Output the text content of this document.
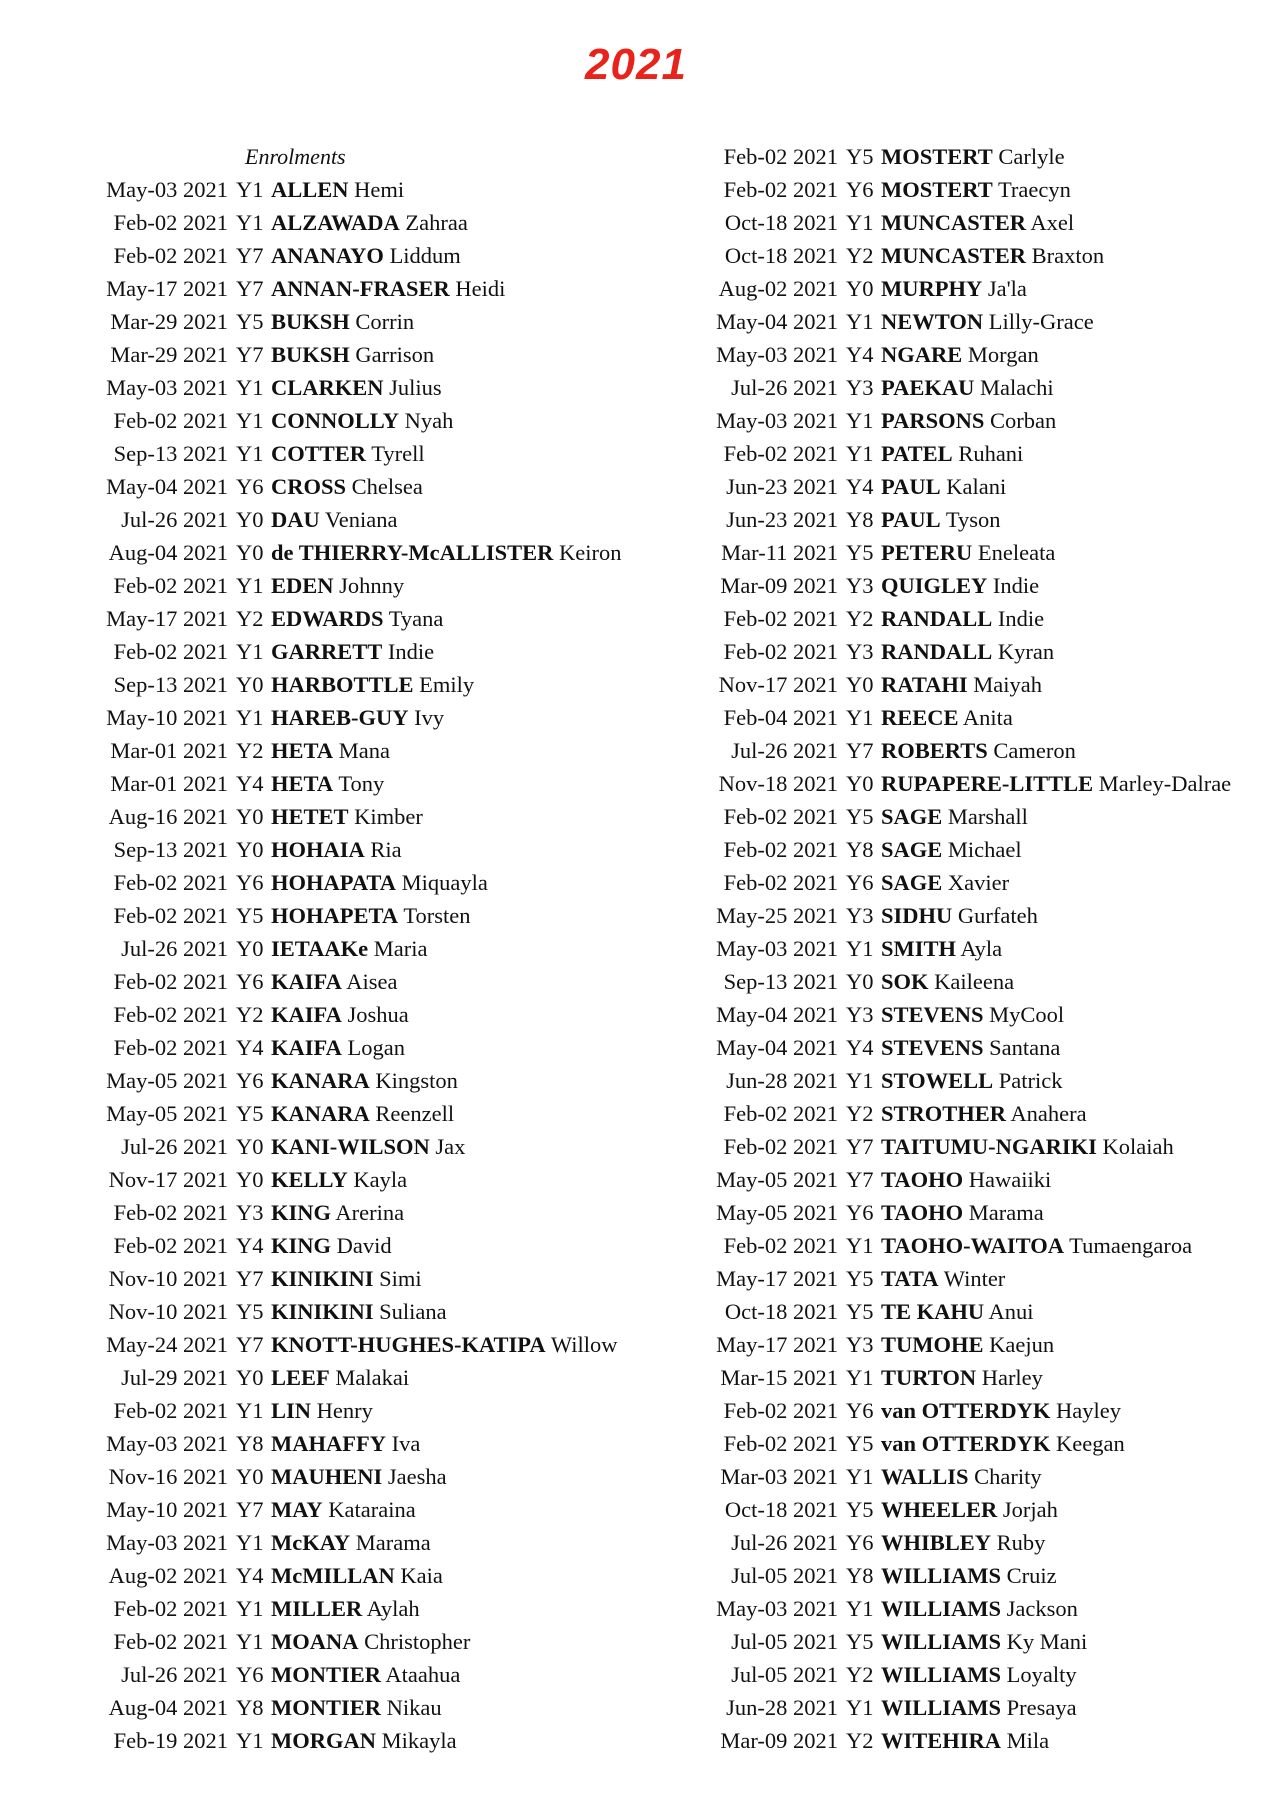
2021
Enrolments
May-03 2021 Y1 ALLEN Hemi
Feb-02 2021 Y1 ALZAWADA Zahraa
Feb-02 2021 Y7 ANANAYO Liddum
May-17 2021 Y7 ANNAN-FRASER Heidi
Mar-29 2021 Y5 BUKSH Corrin
Mar-29 2021 Y7 BUKSH Garrison
May-03 2021 Y1 CLARKEN Julius
Feb-02 2021 Y1 CONNOLLY Nyah
Sep-13 2021 Y1 COTTER Tyrell
May-04 2021 Y6 CROSS Chelsea
Jul-26 2021 Y0 DAU Veniana
Aug-04 2021 Y0 de THIERRY-McALLISTER Keiron
Feb-02 2021 Y1 EDEN Johnny
May-17 2021 Y2 EDWARDS Tyana
Feb-02 2021 Y1 GARRETT Indie
Sep-13 2021 Y0 HARBOTTLE Emily
May-10 2021 Y1 HAREB-GUY Ivy
Mar-01 2021 Y2 HETA Mana
Mar-01 2021 Y4 HETA Tony
Aug-16 2021 Y0 HETET Kimber
Sep-13 2021 Y0 HOHAIA Ria
Feb-02 2021 Y6 HOHAPATA Miquayla
Feb-02 2021 Y5 HOHAPETA Torsten
Jul-26 2021 Y0 IETAAKe Maria
Feb-02 2021 Y6 KAIFA Aisea
Feb-02 2021 Y2 KAIFA Joshua
Feb-02 2021 Y4 KAIFA Logan
May-05 2021 Y6 KANARA Kingston
May-05 2021 Y5 KANARA Reenzell
Jul-26 2021 Y0 KANI-WILSON Jax
Nov-17 2021 Y0 KELLY Kayla
Feb-02 2021 Y3 KING Arerina
Feb-02 2021 Y4 KING David
Nov-10 2021 Y7 KINIKINI Simi
Nov-10 2021 Y5 KINIKINI Suliana
May-24 2021 Y7 KNOTT-HUGHES-KATIPA Willow
Jul-29 2021 Y0 LEEF Malakai
Feb-02 2021 Y1 LIN Henry
May-03 2021 Y8 MAHAFFY Iva
Nov-16 2021 Y0 MAUHENI Jaesha
May-10 2021 Y7 MAY Kataraina
May-03 2021 Y1 McKAY Marama
Aug-02 2021 Y4 McMILLAN Kaia
Feb-02 2021 Y1 MILLER Aylah
Feb-02 2021 Y1 MOANA Christopher
Jul-26 2021 Y6 MONTIER Ataahua
Aug-04 2021 Y8 MONTIER Nikau
Feb-19 2021 Y1 MORGAN Mikayla
Feb-02 2021 Y5 MOSTERT Carlyle
Feb-02 2021 Y6 MOSTERT Traecyn
Oct-18 2021 Y1 MUNCASTER Axel
Oct-18 2021 Y2 MUNCASTER Braxton
Aug-02 2021 Y0 MURPHY Ja'la
May-04 2021 Y1 NEWTON Lilly-Grace
May-03 2021 Y4 NGARE Morgan
Jul-26 2021 Y3 PAEKAU Malachi
May-03 2021 Y1 PARSONS Corban
Feb-02 2021 Y1 PATEL Ruhani
Jun-23 2021 Y4 PAUL Kalani
Jun-23 2021 Y8 PAUL Tyson
Mar-11 2021 Y5 PETERU Eneleata
Mar-09 2021 Y3 QUIGLEY Indie
Feb-02 2021 Y2 RANDALL Indie
Feb-02 2021 Y3 RANDALL Kyran
Nov-17 2021 Y0 RATAHI Maiyah
Feb-04 2021 Y1 REECE Anita
Jul-26 2021 Y7 ROBERTS Cameron
Nov-18 2021 Y0 RUPAPERE-LITTLE Marley-Dalrae
Feb-02 2021 Y5 SAGE Marshall
Feb-02 2021 Y8 SAGE Michael
Feb-02 2021 Y6 SAGE Xavier
May-25 2021 Y3 SIDHU Gurfateh
May-03 2021 Y1 SMITH Ayla
Sep-13 2021 Y0 SOK Kaileena
May-04 2021 Y3 STEVENS MyCool
May-04 2021 Y4 STEVENS Santana
Jun-28 2021 Y1 STOWELL Patrick
Feb-02 2021 Y2 STROTHER Anahera
Feb-02 2021 Y7 TAITUMU-NGARIKI Kolaiah
May-05 2021 Y7 TAOHO Hawaiiki
May-05 2021 Y6 TAOHO Marama
Feb-02 2021 Y1 TAOHO-WAITOA Tumaengaroa
May-17 2021 Y5 TATA Winter
Oct-18 2021 Y5 TE KAHU Anui
May-17 2021 Y3 TUMOHE Kaejun
Mar-15 2021 Y1 TURTON Harley
Feb-02 2021 Y6 van OTTERDYK Hayley
Feb-02 2021 Y5 van OTTERDYK Keegan
Mar-03 2021 Y1 WALLIS Charity
Oct-18 2021 Y5 WHEELER Jorjah
Jul-26 2021 Y6 WHIBLEY Ruby
Jul-05 2021 Y8 WILLIAMS Cruiz
May-03 2021 Y1 WILLIAMS Jackson
Jul-05 2021 Y5 WILLIAMS Ky Mani
Jul-05 2021 Y2 WILLIAMS Loyalty
Jun-28 2021 Y1 WILLIAMS Presaya
Mar-09 2021 Y2 WITEHIRA Mila
